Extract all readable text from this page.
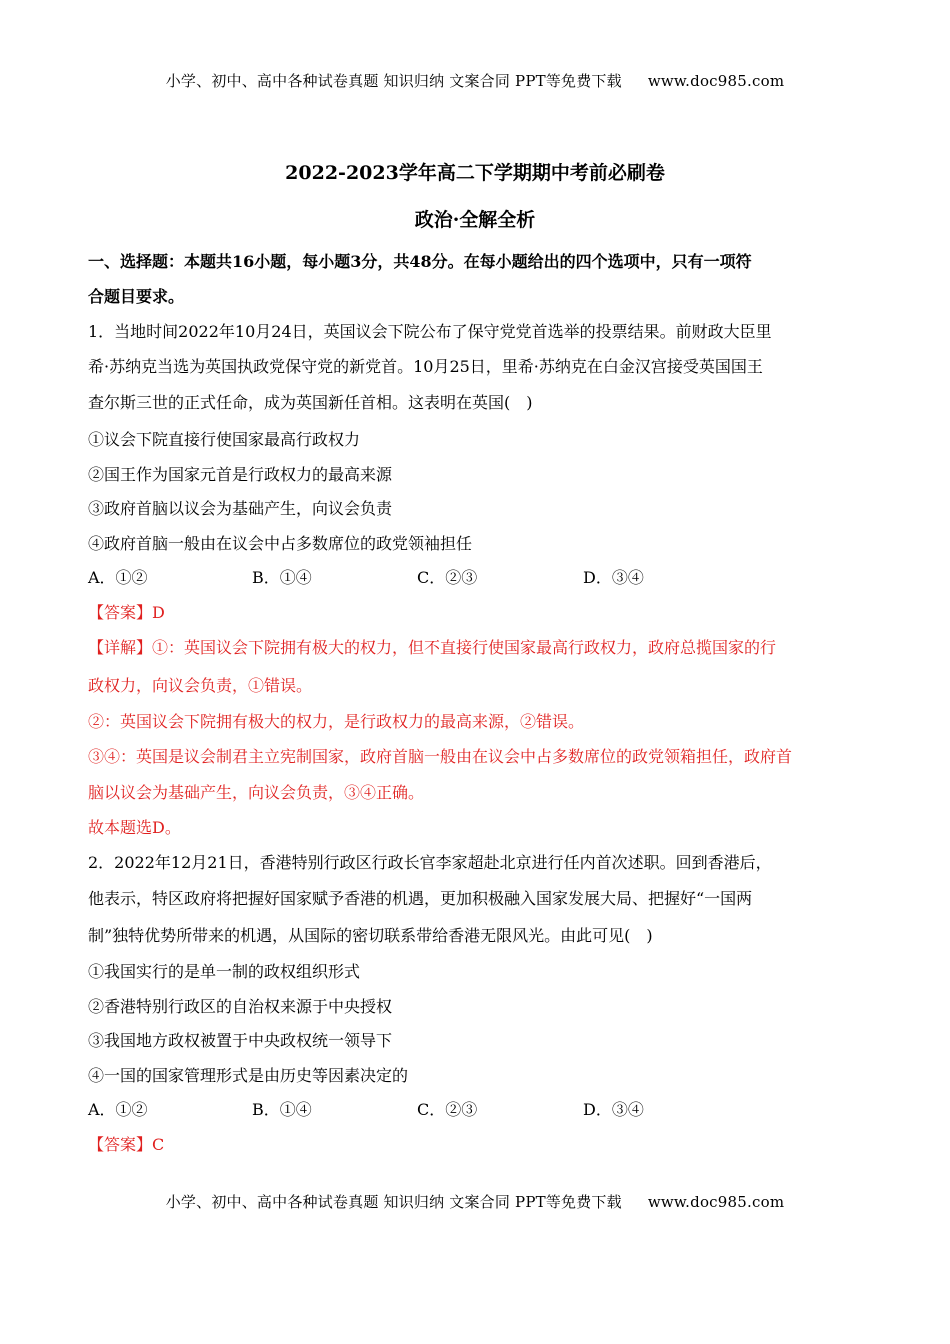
小学、初中、高中各种试卷真题 知识归纳 文案合同 PPT等免费下载 www.doc985.com
2022-2023学年高二下学期期中考前必刷卷
政治·全解全析
一、选择题：本题共16小题，每小题3分，共48分。在每小题给出的四个选项中，只有一项符
合题目要求。
1．当地时间2022年10月24日，英国议会下院公布了保守党党首选举的投票结果。前财政大臣里
希·苏纳克当选为英国执政党保守党的新党首。10月25日，里希·苏纳克在白金汉宫接受英国国王
查尔斯三世的正式任命，成为英国新任首相。这表明在英国(　)
①议会下院直接行使国家最高行政权力
②国王作为国家元首是行政权力的最高来源
③政府首脑以议会为基础产生，向议会负责
④政府首脑一般由在议会中占多数席位的政党领袖担任
A．①②	B．①④	C．②③	D．③④
【答案】D
【详解】①：英国议会下院拥有极大的权力，但不直接行使国家最高行政权力，政府总揽国家的行
政权力，向议会负责，①错误。
②：英国议会下院拥有极大的权力，是行政权力的最高来源，②错误。
③④：英国是议会制君主立宪制国家，政府首脑一般由在议会中占多数席位的政党领箱担任，政府首
脑以议会为基础产生，向议会负责，③④正确。
故本题选D。
2．2022年12月21日，香港特别行政区行政长官李家超赴北京进行任内首次述职。回到香港后，
他表示，特区政府将把握好国家赋予香港的机遇，更加积极融入国家发展大局、把握好“一国两
制”独特优势所带来的机遇，从国际的密切联系带给香港无限风光。由此可见(　)
①我国实行的是单一制的政权组织形式
②香港特别行政区的自治权来源于中央授权
③我国地方政权被置于中央政权统一领导下
④一国的国家管理形式是由历史等因素决定的
A．①②	B．①④	C．②③	D．③④
【答案】C
小学、初中、高中各种试卷真题 知识归纳 文案合同 PPT等免费下载 www.doc985.com
